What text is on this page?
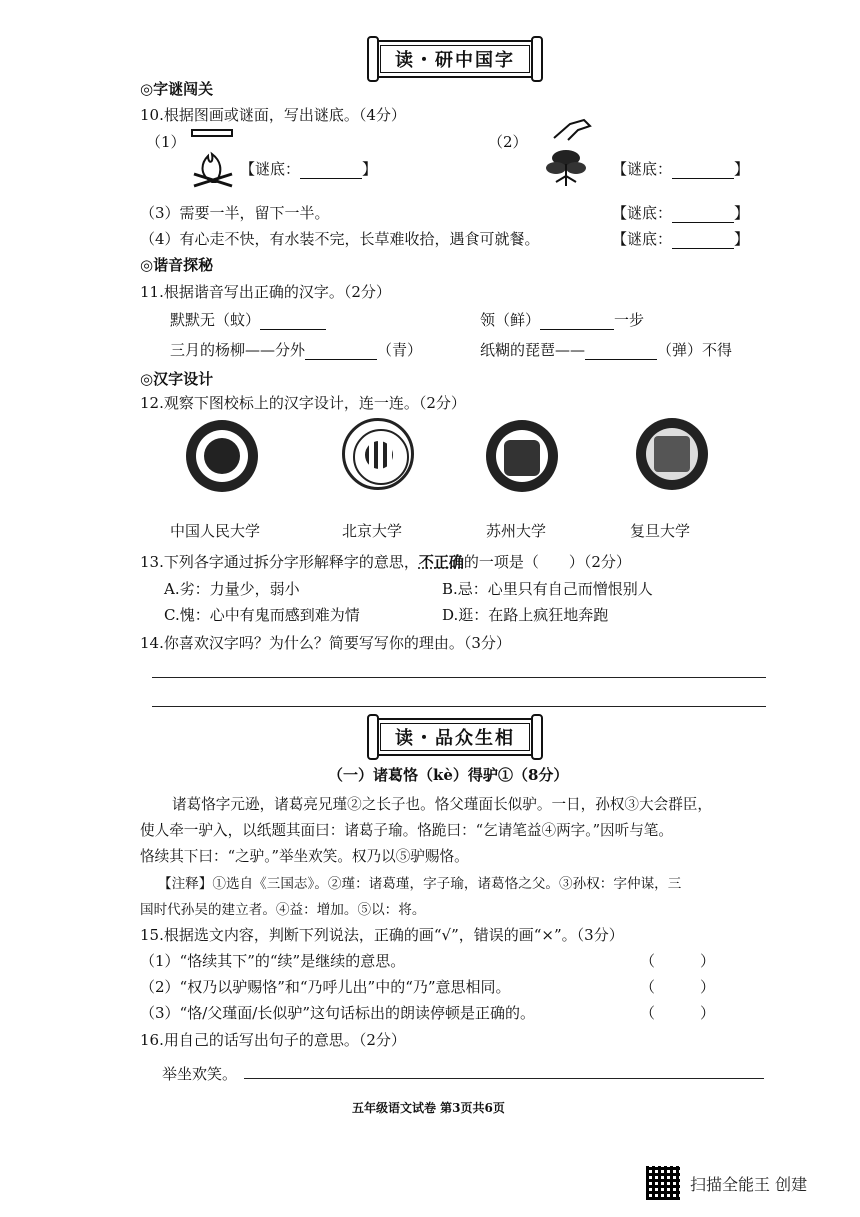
读・研中国字
◎字谜闯关
10.根据图画或谜面，写出谜底。（4分）
（1）
【谜底：	】
（2）
【谜底：	】
（3）需要一半，留下一半。	【谜底：	】
（4）有心走不快，有水装不完，长草难收拾，遇食可就餐。	【谜底：	】
◎谐音探秘
11.根据谐音写出正确的汉字。（2分）
默默无（蚊）	领（鲜）	一步
三月的杨柳——分外	（青）	纸糊的琵琶——	（弹）不得
◎汉字设计
12.观察下图校标上的汉字设计，连一连。（2分）
中国人民大学	北京大学	苏州大学	复旦大学
13.下列各字通过拆分字形解释字的意思，不正确的一项是（　　）（2分）
A.劣：力量少，弱小	B.忌：心里只有自己而憎恨别人
C.愧：心中有鬼而感到难为情	D.逛：在路上疯狂地奔跑
14.你喜欢汉字吗？为什么？简要写写你的理由。（3分）
读・品众生相
（一）诸葛恪（kè）得驴①（8分）
诸葛恪字元逊，诸葛亮兄瑾②之长子也。恪父瑾面长似驴。一日，孙权③大会群臣，
使人牵一驴入，以纸题其面曰：诸葛子瑜。恪跪曰：“乞请笔益④两字。”因听与笔。
恪续其下曰：“之驴。”举坐欢笑。权乃以⑤驴赐恪。
【注释】①选自《三国志》。②瑾：诸葛瑾，字子瑜，诸葛恪之父。③孙权：字仲谋，三
国时代孙吴的建立者。④益：增加。⑤以：将。
15.根据选文内容，判断下列说法，正确的画“√”，错误的画“×”。（3分）
（1）“恪续其下”的“续”是继续的意思。	（　　　）
（2）“权乃以驴赐恪”和“乃呼儿出”中的“乃”意思相同。	（　　　）
（3）“恪/父瑾面/长似驴”这句话标出的朗读停顿是正确的。	（　　　）
16.用自己的话写出句子的意思。（2分）
举坐欢笑。
五年级语文试卷 第3页共6页
扫描全能王 创建
